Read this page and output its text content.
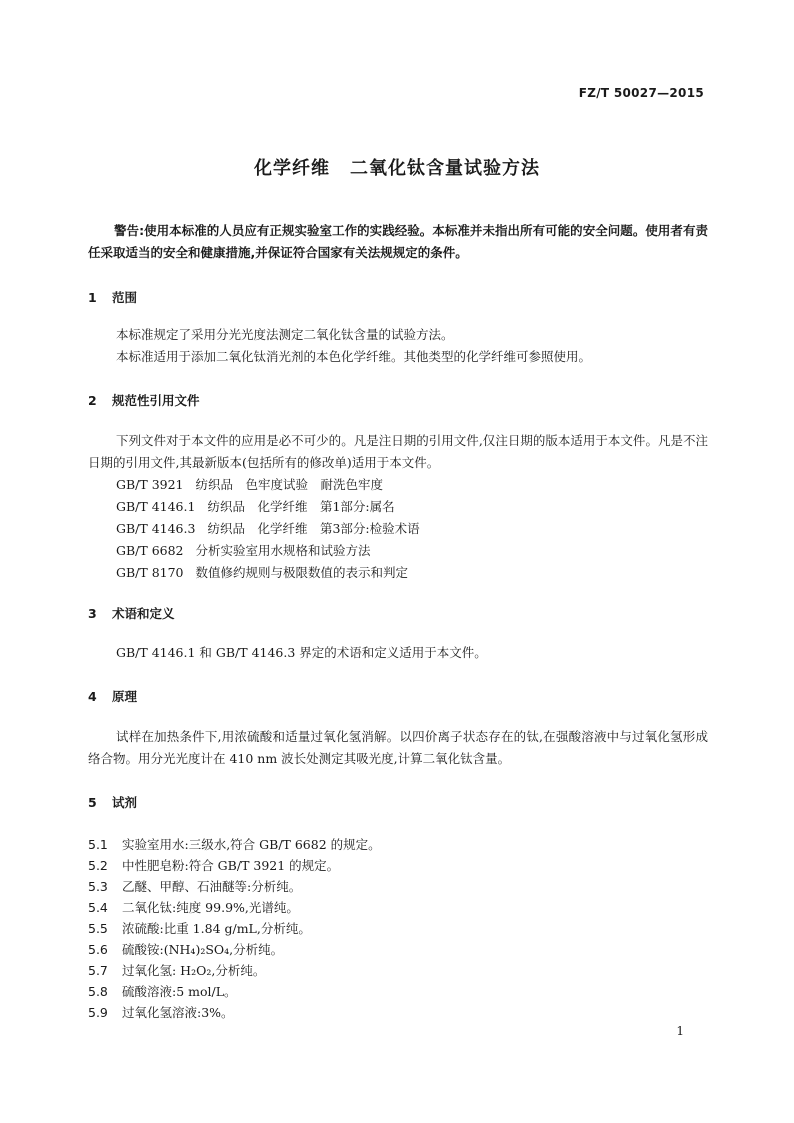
FZ/T 50027—2015
化学纤维 二氧化钛含量试验方法
警告:使用本标准的人员应有正规实验室工作的实践经验。本标准并未指出所有可能的安全问题。使用者有责任采取适当的安全和健康措施,并保证符合国家有关法规规定的条件。
1 范围
本标准规定了采用分光光度法测定二氧化钛含量的试验方法。
本标准适用于添加二氧化钛消光剂的本色化学纤维。其他类型的化学纤维可参照使用。
2 规范性引用文件
下列文件对于本文件的应用是必不可少的。凡是注日期的引用文件,仅注日期的版本适用于本文件。凡是不注日期的引用文件,其最新版本(包括所有的修改单)适用于本文件。
GB/T 3921 纺织品　色牢度试验　耐洗色牢度
GB/T 4146.1 纺织品　化学纤维　第1部分:属名
GB/T 4146.3 纺织品　化学纤维　第3部分:检验术语
GB/T 6682 分析实验室用水规格和试验方法
GB/T 8170 数值修约规则与极限数值的表示和判定
3 术语和定义
GB/T 4146.1 和 GB/T 4146.3 界定的术语和定义适用于本文件。
4 原理
试样在加热条件下,用浓硫酸和适量过氧化氢消解。以四价离子状态存在的钛,在强酸溶液中与过氧化氢形成络合物。用分光光度计在 410 nm 波长处测定其吸光度,计算二氧化钛含量。
5 试剂
5.1 实验室用水:三级水,符合 GB/T 6682 的规定。
5.2 中性肥皂粉:符合 GB/T 3921 的规定。
5.3 乙醚、甲醇、石油醚等:分析纯。
5.4 二氧化钛:纯度 99.9%,光谱纯。
5.5 浓硫酸:比重 1.84 g/mL,分析纯。
5.6 硫酸铵:(NH₄)₂SO₄,分析纯。
5.7 过氧化氢: H₂O₂,分析纯。
5.8 硫酸溶液:5 mol/L。
5.9 过氧化氢溶液:3%。
1
